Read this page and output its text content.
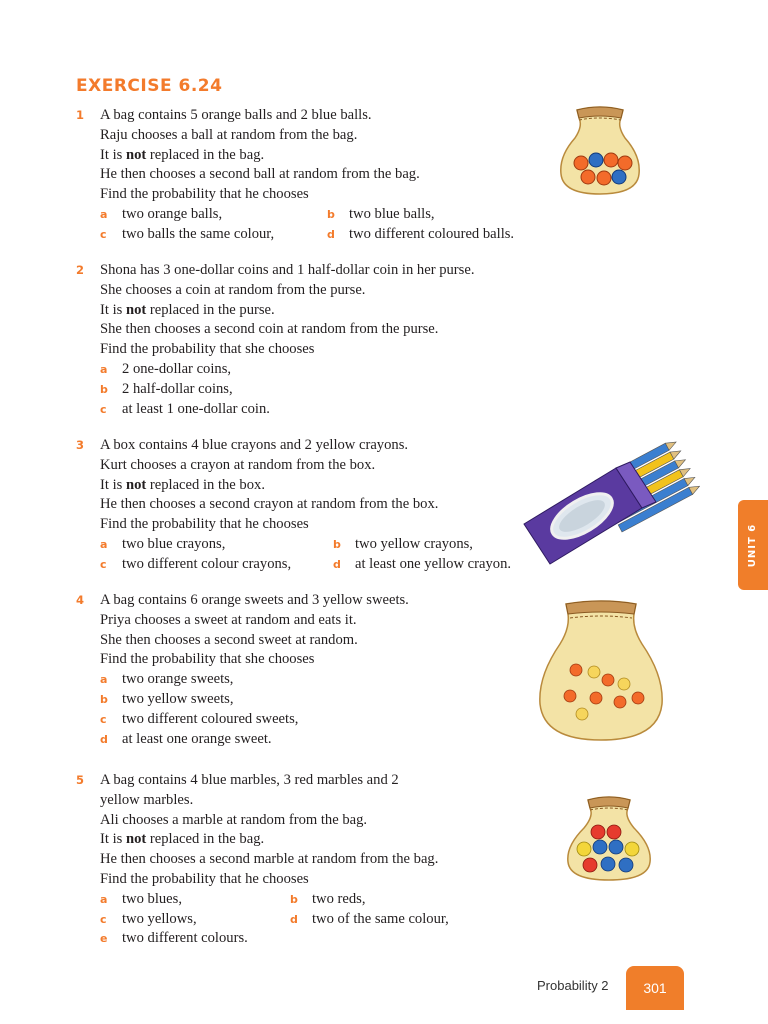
EXERCISE 6.24
1	A bag contains 5 orange balls and 2 blue balls.
Raju chooses a ball at random from the bag.
It is not replaced in the bag.
He then chooses a second ball at random from the bag.
Find the probability that he chooses
a two orange balls,	b two blue balls,
c two balls the same colour,	d two different coloured balls.
2	Shona has 3 one-dollar coins and 1 half-dollar coin in her purse.
She chooses a coin at random from the purse.
It is not replaced in the purse.
She then chooses a second coin at random from the purse.
Find the probability that she chooses
a 2 one-dollar coins,
b 2 half-dollar coins,
c at least 1 one-dollar coin.
3	A box contains 4 blue crayons and 2 yellow crayons.
Kurt chooses a crayon at random from the box.
It is not replaced in the box.
He then chooses a second crayon at random from the box.
Find the probability that he chooses
a two blue crayons,	b two yellow crayons,
c two different colour crayons,	d at least one yellow crayon.
4	A bag contains 6 orange sweets and 3 yellow sweets.
Priya chooses a sweet at random and eats it.
She then chooses a second sweet at random.
Find the probability that she chooses
a two orange sweets,
b two yellow sweets,
c two different coloured sweets,
d at least one orange sweet.
5	A bag contains 4 blue marbles, 3 red marbles and 2
yellow marbles.
Ali chooses a marble at random from the bag.
It is not replaced in the bag.
He then chooses a second marble at random from the bag.
Find the probability that he chooses
a two blues,	b two reds,
c two yellows,	d two of the same colour,
e two different colours.
UNIT 6
Probability 2 301
